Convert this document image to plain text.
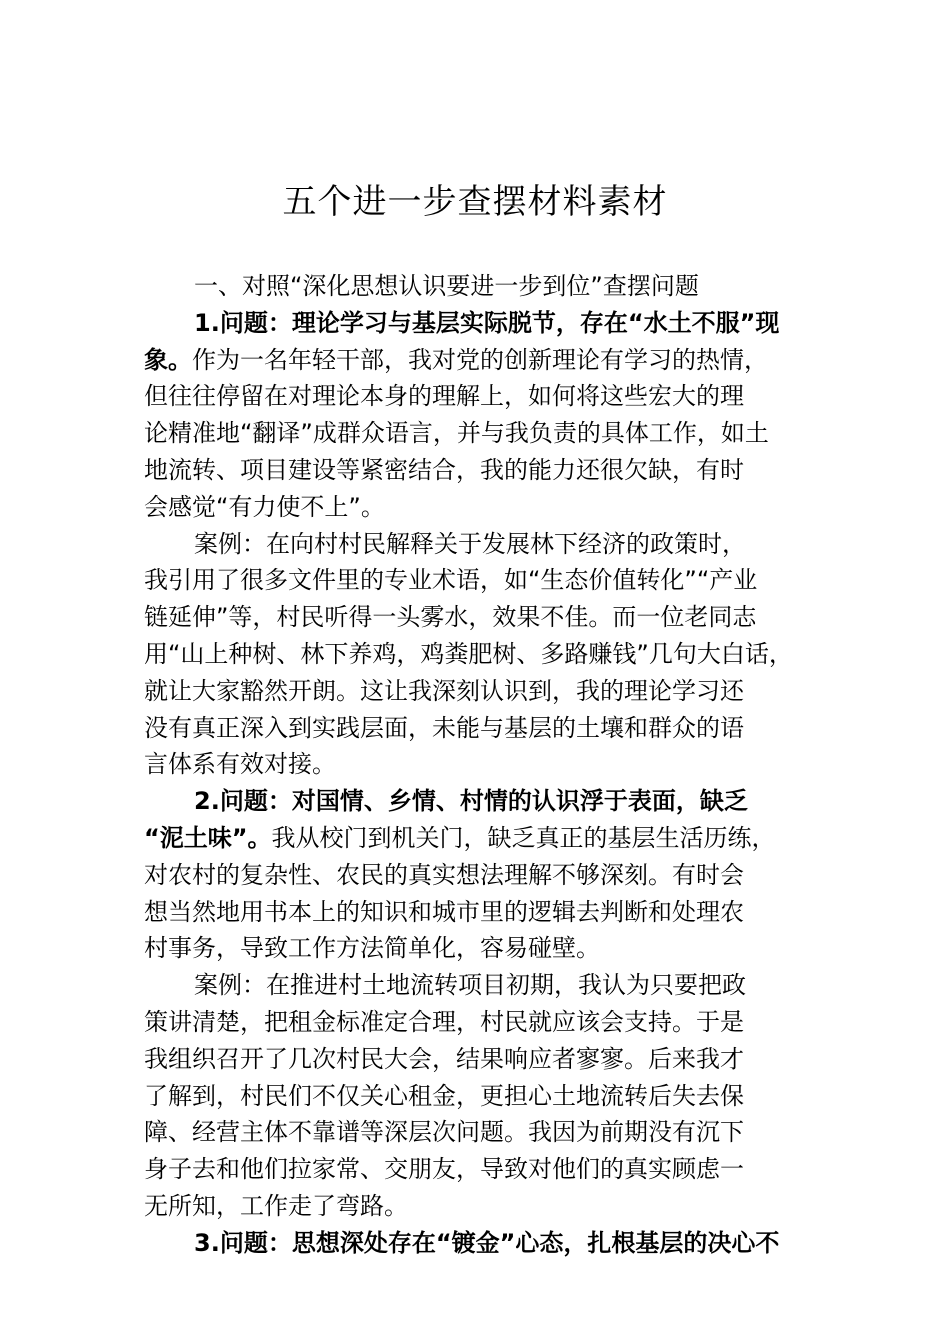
五个进一步查摆材料素材
一、对照“深化思想认识要进一步到位”查摆问题
1.问题：理论学习与基层实际脱节，存在“水土不服”现
象。作为一名年轻干部，我对党的创新理论有学习的热情，
但往往停留在对理论本身的理解上，如何将这些宏大的理
论精准地“翻译”成群众语言，并与我负责的具体工作，如土
地流转、项目建设等紧密结合，我的能力还很欠缺，有时
会感觉“有力使不上”。
案例：在向村村民解释关于发展林下经济的政策时，
我引用了很多文件里的专业术语，如“生态价值转化”“产业
链延伸”等，村民听得一头雾水，效果不佳。而一位老同志
用“山上种树、林下养鸡，鸡粪肥树、多路赚钱”几句大白话，
就让大家豁然开朗。这让我深刻认识到，我的理论学习还
没有真正深入到实践层面，未能与基层的土壤和群众的语
言体系有效对接。
2.问题：对国情、乡情、村情的认识浮于表面，缺乏
“泥土味”。我从校门到机关门，缺乏真正的基层生活历练，
对农村的复杂性、农民的真实想法理解不够深刻。有时会
想当然地用书本上的知识和城市里的逻辑去判断和处理农
村事务，导致工作方法简单化，容易碰壁。
案例：在推进村土地流转项目初期，我认为只要把政
策讲清楚，把租金标准定合理，村民就应该会支持。于是
我组织召开了几次村民大会，结果响应者寥寥。后来我才
了解到，村民们不仅关心租金，更担心土地流转后失去保
障、经营主体不靠谱等深层次问题。我因为前期没有沉下
身子去和他们拉家常、交朋友，导致对他们的真实顾虑一
无所知，工作走了弯路。
3.问题：思想深处存在“镀金”心态，扎根基层的决心不
